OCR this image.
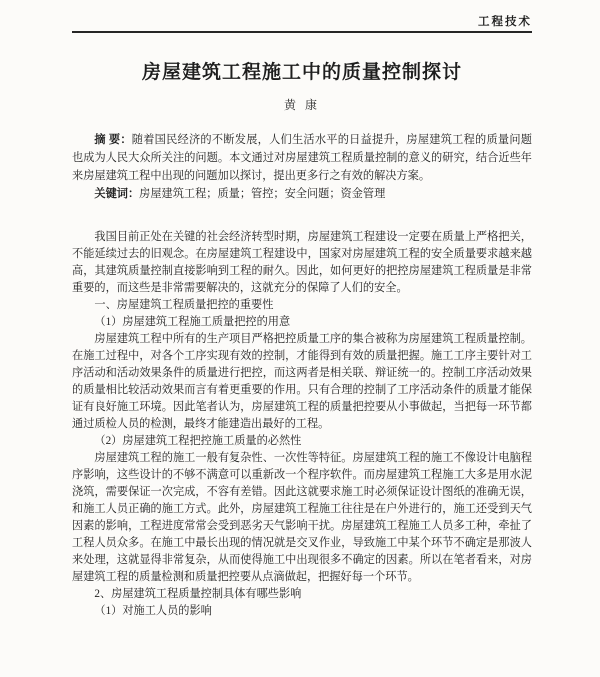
工程技术
房屋建筑工程施工中的质量控制探讨
黄 康

摘 要：随着国民经济的不断发展，人们生活水平的日益提升，房屋建筑工程的质量问题也成为人民大众所关注的问题。本文通过对房屋建筑工程质量控制的意义的研究，结合近些年来房屋建筑工程中出现的问题加以探讨，提出更多行之有效的解决方案。

关键词：房屋建筑工程；质量；管控；安全问题；资金管理

我国目前正处在关键的社会经济转型时期，房屋建筑工程建设一定要在质量上严格把关，不能延续过去的旧观念。在房屋建筑工程建设中，国家对房屋建筑工程的安全质量要求越来越高，其建筑质量控制直接影响到工程的耐久。因此，如何更好的把控房屋建筑工程质量是非常重要的，而这些是非常需要解决的，这就充分的保障了人们的安全。

一、房屋建筑工程质量把控的重要性

（1）房屋建筑工程施工质量把控的用意

房屋建筑工程中所有的生产项目严格把控质量工序的集合被称为房屋建筑工程质量控制。在施工过程中，对各个工序实现有效的控制，才能得到有效的质量把握。施工工序主要针对工序活动和活动效果条件的质量进行把控，而这两者是相关联、辩证统一的。控制工序活动效果的质量相比较活动效果而言有着更重要的作用。只有合理的控制了工序活动条件的质量才能保证有良好施工环境。因此笔者认为，房屋建筑工程的质量把控要从小事做起，当把每一环节都通过质检人员的检测，最终才能建造出最好的工程。

（2）房屋建筑工程把控施工质量的必然性

房屋建筑工程的施工一般有复杂性、一次性等特征。房屋建筑工程的施工不像设计电脑程序影响，这些设计的不够不满意可以重新改一个程序软件。而房屋建筑工程施工大多是用水泥浇筑，需要保证一次完成，不容有差错。因此这就要求施工时必须保证设计图纸的准确无误，和施工人员正确的施工方式。此外，房屋建筑工程施工往往是在户外进行的，施工还受到天气因素的影响，工程进度常常会受到恶劣天气影响干扰。房屋建筑工程施工人员多工种，牵扯了工程人员众多。在施工中最长出现的情况就是交叉作业，导致施工中某个环节不确定是那波人来处理，这就显得非常复杂，从而使得施工中出现很多不确定的因素。所以在笔者看来，对房屋建筑工程的质量检测和质量把控要从点滴做起，把握好每一个环节。

2、房屋建筑工程质量控制具体有哪些影响

（1）对施工人员的影响
